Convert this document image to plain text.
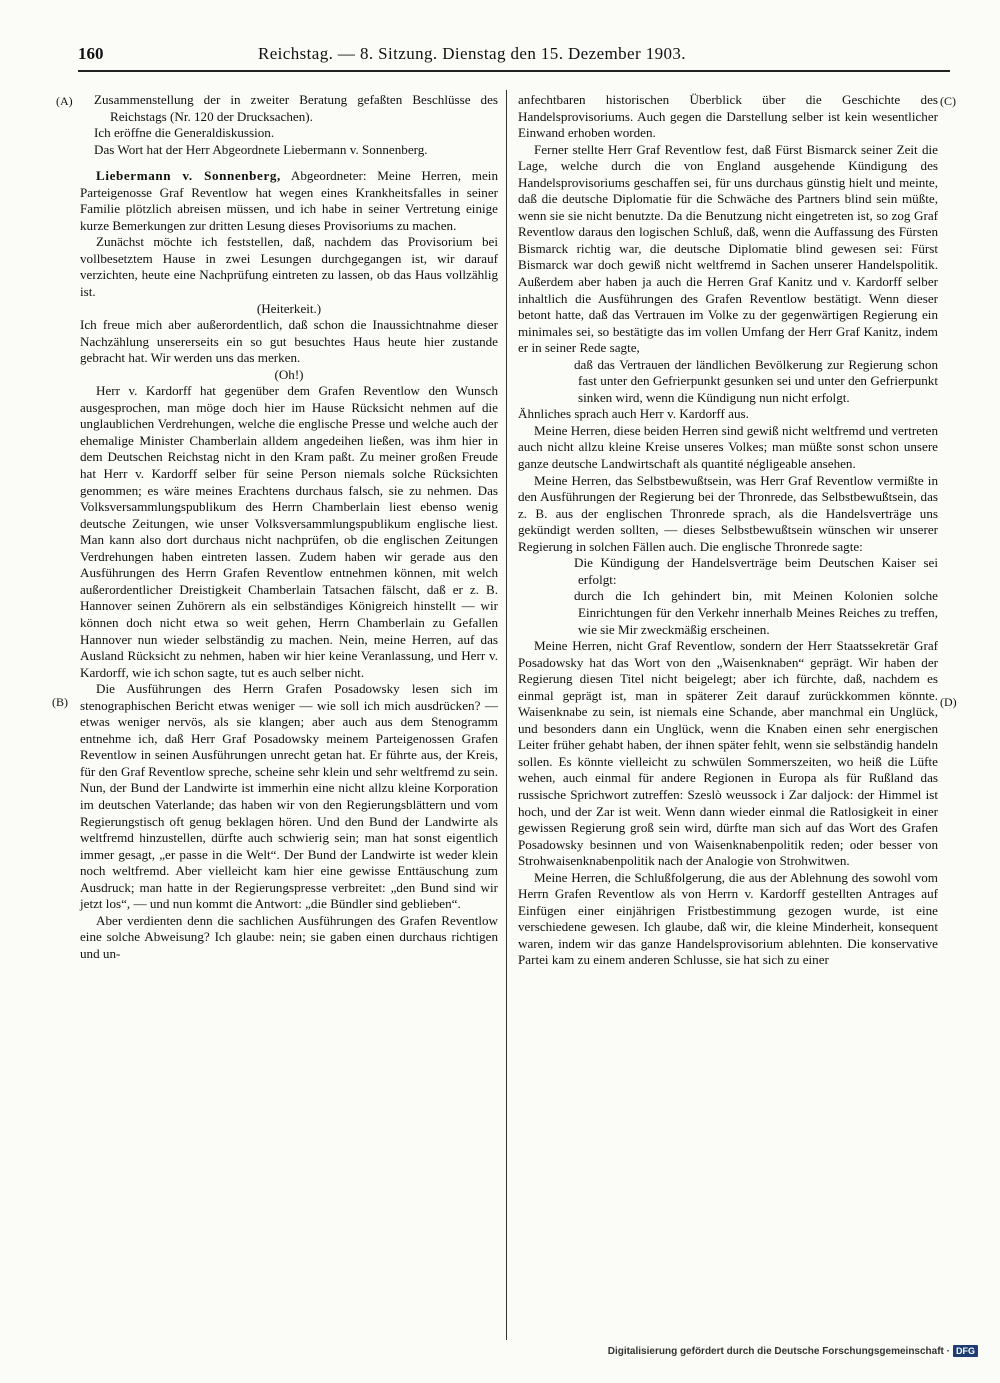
160	Reichstag. — 8. Sitzung. Dienstag den 15. Dezember 1903.
(A)
(B)
(C)
(D)

Zusammenstellung der in zweiter Beratung gefaßten Beschlüsse des Reichstags (Nr. 120 der Drucksachen).

Ich eröffne die Generaldiskussion.

Das Wort hat der Herr Abgeordnete Liebermann v. Sonnenberg.

Liebermann v. Sonnenberg, Abgeordneter: Meine Herren, mein Parteigenosse Graf Reventlow hat wegen eines Krankheitsfalles in seiner Familie plötzlich abreisen müssen, und ich habe in seiner Vertretung einige kurze Bemerkungen zur dritten Lesung dieses Provisoriums zu machen.

Zunächst möchte ich feststellen, daß, nachdem das Provisorium bei vollbesetztem Hause in zwei Lesungen durchgegangen ist, wir darauf verzichten, heute eine Nachprüfung eintreten zu lassen, ob das Haus vollzählig ist.

(Heiterkeit.)

Ich freue mich aber außerordentlich, daß schon die Inaussichtnahme dieser Nachzählung unsererseits ein so gut besuchtes Haus heute hier zustande gebracht hat. Wir werden uns das merken.

(Oh!)

Herr v. Kardorff hat gegenüber dem Grafen Reventlow den Wunsch ausgesprochen, man möge doch hier im Hause Rücksicht nehmen auf die unglaublichen Verdrehungen, welche die englische Presse und welche auch der ehemalige Minister Chamberlain alldem angedeihen ließen, was ihm hier in dem Deutschen Reichstag nicht in den Kram paßt. Zu meiner großen Freude hat Herr v. Kardorff selber für seine Person niemals solche Rücksichten genommen; es wäre meines Erachtens durchaus falsch, sie zu nehmen. Das Volksversammlungspublikum des Herrn Chamberlain liest ebenso wenig deutsche Zeitungen, wie unser Volksversammlungspublikum englische liest. Man kann also dort durchaus nicht nachprüfen, ob die englischen Zeitungen Verdrehungen haben eintreten lassen. Zudem haben wir gerade aus den Ausführungen des Herrn Grafen Reventlow entnehmen können, mit welch außerordentlicher Dreistigkeit Chamberlain Tatsachen fälscht, daß er z. B. Hannover seinen Zuhörern als ein selbständiges Königreich hinstellt — wir können doch nicht etwa so weit gehen, Herrn Chamberlain zu Gefallen Hannover nun wieder selbständig zu machen. Nein, meine Herren, auf das Ausland Rücksicht zu nehmen, haben wir hier keine Veranlassung, und Herr v. Kardorff, wie ich schon sagte, tut es auch selber nicht.

Die Ausführungen des Herrn Grafen Posadowsky lesen sich im stenographischen Bericht etwas weniger — wie soll ich mich ausdrücken? — etwas weniger nervös, als sie klangen; aber auch aus dem Stenogramm entnehme ich, daß Herr Graf Posadowsky meinem Parteigenossen Grafen Reventlow in seinen Ausführungen unrecht getan hat. Er führte aus, der Kreis, für den Graf Reventlow spreche, scheine sehr klein und sehr weltfremd zu sein. Nun, der Bund der Landwirte ist immerhin eine nicht allzu kleine Korporation im deutschen Vaterlande; das haben wir von den Regierungsblättern und vom Regierungstisch oft genug beklagen hören. Und den Bund der Landwirte als weltfremd hinzustellen, dürfte auch schwierig sein; man hat sonst eigentlich immer gesagt, „er passe in die Welt“. Der Bund der Landwirte ist weder klein noch weltfremd. Aber vielleicht kam hier eine gewisse Enttäuschung zum Ausdruck; man hatte in der Regierungspresse verbreitet: „den Bund sind wir jetzt los“, — und nun kommt die Antwort: „die Bündler sind geblieben“.

Aber verdienten denn die sachlichen Ausführungen des Grafen Reventlow eine solche Abweisung? Ich glaube: nein; sie gaben einen durchaus richtigen und un-

anfechtbaren historischen Überblick über die Geschichte des Handelsprovisoriums. Auch gegen die Darstellung selber ist kein wesentlicher Einwand erhoben worden.

Ferner stellte Herr Graf Reventlow fest, daß Fürst Bismarck seiner Zeit die Lage, welche durch die von England ausgehende Kündigung des Handelsprovisoriums geschaffen sei, für uns durchaus günstig hielt und meinte, daß die deutsche Diplomatie für die Schwäche des Partners blind sein müßte, wenn sie sie nicht benutzte. Da die Benutzung nicht eingetreten ist, so zog Graf Reventlow daraus den logischen Schluß, daß, wenn die Auffassung des Fürsten Bismarck richtig war, die deutsche Diplomatie blind gewesen sei: Fürst Bismarck war doch gewiß nicht weltfremd in Sachen unserer Handelspolitik. Außerdem aber haben ja auch die Herren Graf Kanitz und v. Kardorff selber inhaltlich die Ausführungen des Grafen Reventlow bestätigt. Wenn dieser betont hatte, daß das Vertrauen im Volke zu der gegenwärtigen Regierung ein minimales sei, so bestätigte das im vollen Umfang der Herr Graf Kanitz, indem er in seiner Rede sagte,

daß das Vertrauen der ländlichen Bevölkerung zur Regierung schon fast unter den Gefrierpunkt gesunken sei und unter den Gefrierpunkt sinken wird, wenn die Kündigung nun nicht erfolgt.

Ähnliches sprach auch Herr v. Kardorff aus.

Meine Herren, diese beiden Herren sind gewiß nicht weltfremd und vertreten auch nicht allzu kleine Kreise unseres Volkes; man müßte sonst schon unsere ganze deutsche Landwirtschaft als quantité négligeable ansehen.

Meine Herren, das Selbstbewußtsein, was Herr Graf Reventlow vermißte in den Ausführungen der Regierung bei der Thronrede, das Selbstbewußtsein, das z. B. aus der englischen Thronrede sprach, als die Handelsverträge uns gekündigt werden sollten, — dieses Selbstbewußtsein wünschen wir unserer Regierung in solchen Fällen auch. Die englische Thronrede sagte:

Die Kündigung der Handelsverträge beim Deutschen Kaiser sei erfolgt:

durch die Ich gehindert bin, mit Meinen Kolonien solche Einrichtungen für den Verkehr innerhalb Meines Reiches zu treffen, wie sie Mir zweckmäßig erscheinen.

Meine Herren, nicht Graf Reventlow, sondern der Herr Staatssekretär Graf Posadowsky hat das Wort von den „Waisenknaben“ geprägt. Wir haben der Regierung diesen Titel nicht beigelegt; aber ich fürchte, daß, nachdem es einmal geprägt ist, man in späterer Zeit darauf zurückkommen könnte. Waisenknabe zu sein, ist niemals eine Schande, aber manchmal ein Unglück, und besonders dann ein Unglück, wenn die Knaben einen sehr energischen Leiter früher gehabt haben, der ihnen später fehlt, wenn sie selbständig handeln sollen. Es könnte vielleicht zu schwülen Sommerszeiten, wo heiß die Lüfte wehen, auch einmal für andere Regionen in Europa als für Rußland das russische Sprichwort zutreffen: Szeslò weussock i Zar daljock: der Himmel ist hoch, und der Zar ist weit. Wenn dann wieder einmal die Ratlosigkeit in einer gewissen Regierung groß sein wird, dürfte man sich auf das Wort des Grafen Posadowsky besinnen und von Waisenknabenpolitik reden; oder besser von Strohwaisenknabenpolitik nach der Analogie von Strohwitwen.

Meine Herren, die Schlußfolgerung, die aus der Ablehnung des sowohl vom Herrn Grafen Reventlow als von Herrn v. Kardorff gestellten Antrages auf Einfügen einer einjährigen Fristbestimmung gezogen wurde, ist eine verschiedene gewesen. Ich glaube, daß wir, die kleine Minderheit, konsequent waren, indem wir das ganze Handelsprovisorium ablehnten. Die konservative Partei kam zu einem anderen Schlusse, sie hat sich zu einer

Digitalisierung gefördert durch die Deutsche Forschungsgemeinschaft · DFG
